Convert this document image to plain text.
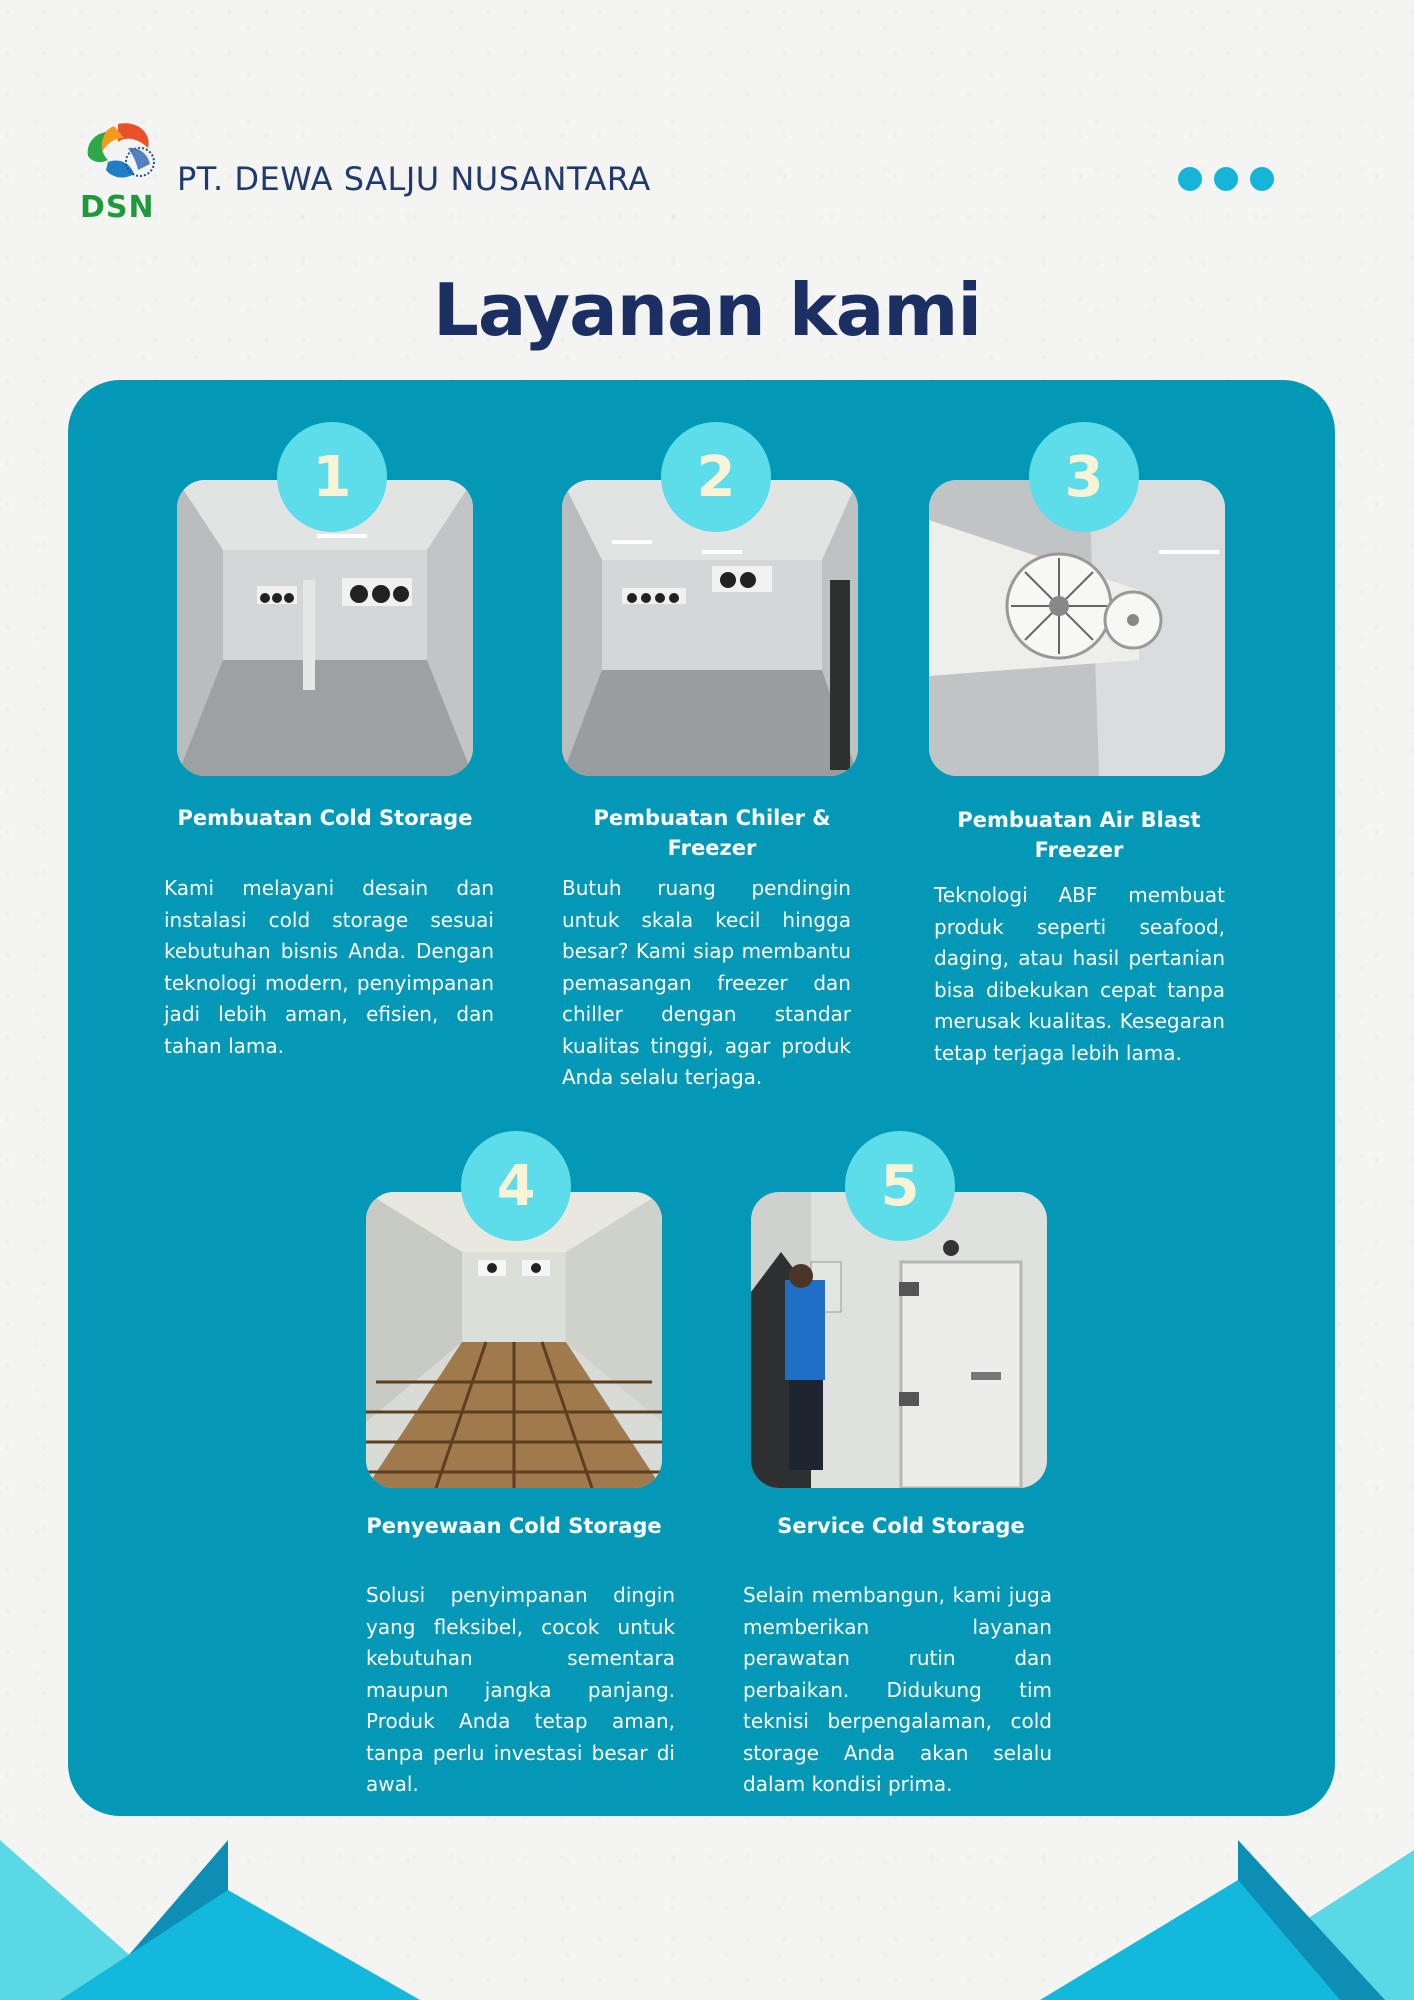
DSN
PT. DEWA SALJU NUSANTARA
Layanan kami
1
Pembuatan Cold Storage
Kami melayani desain dan instalasi cold storage sesuai kebutuhan bisnis Anda. Dengan teknologi modern, penyimpanan jadi lebih aman, efisien, dan tahan lama.
2
Pembuatan Chiler & Freezer
Butuh ruang pendingin untuk skala kecil hingga besar? Kami siap membantu pemasangan freezer dan chiller dengan standar kualitas tinggi, agar produk Anda selalu terjaga.
3
Pembuatan Air Blast Freezer
Teknologi ABF membuat produk seperti seafood, daging, atau hasil pertanian bisa dibekukan cepat tanpa merusak kualitas. Kesegaran tetap terjaga lebih lama.
4
Penyewaan Cold Storage
Solusi penyimpanan dingin yang fleksibel, cocok untuk kebutuhan sementara maupun jangka panjang. Produk Anda tetap aman, tanpa perlu investasi besar di awal.
5
Service Cold Storage
Selain membangun, kami juga memberikan layanan perawatan rutin dan perbaikan. Didukung tim teknisi berpengalaman, cold storage Anda akan selalu dalam kondisi prima.
